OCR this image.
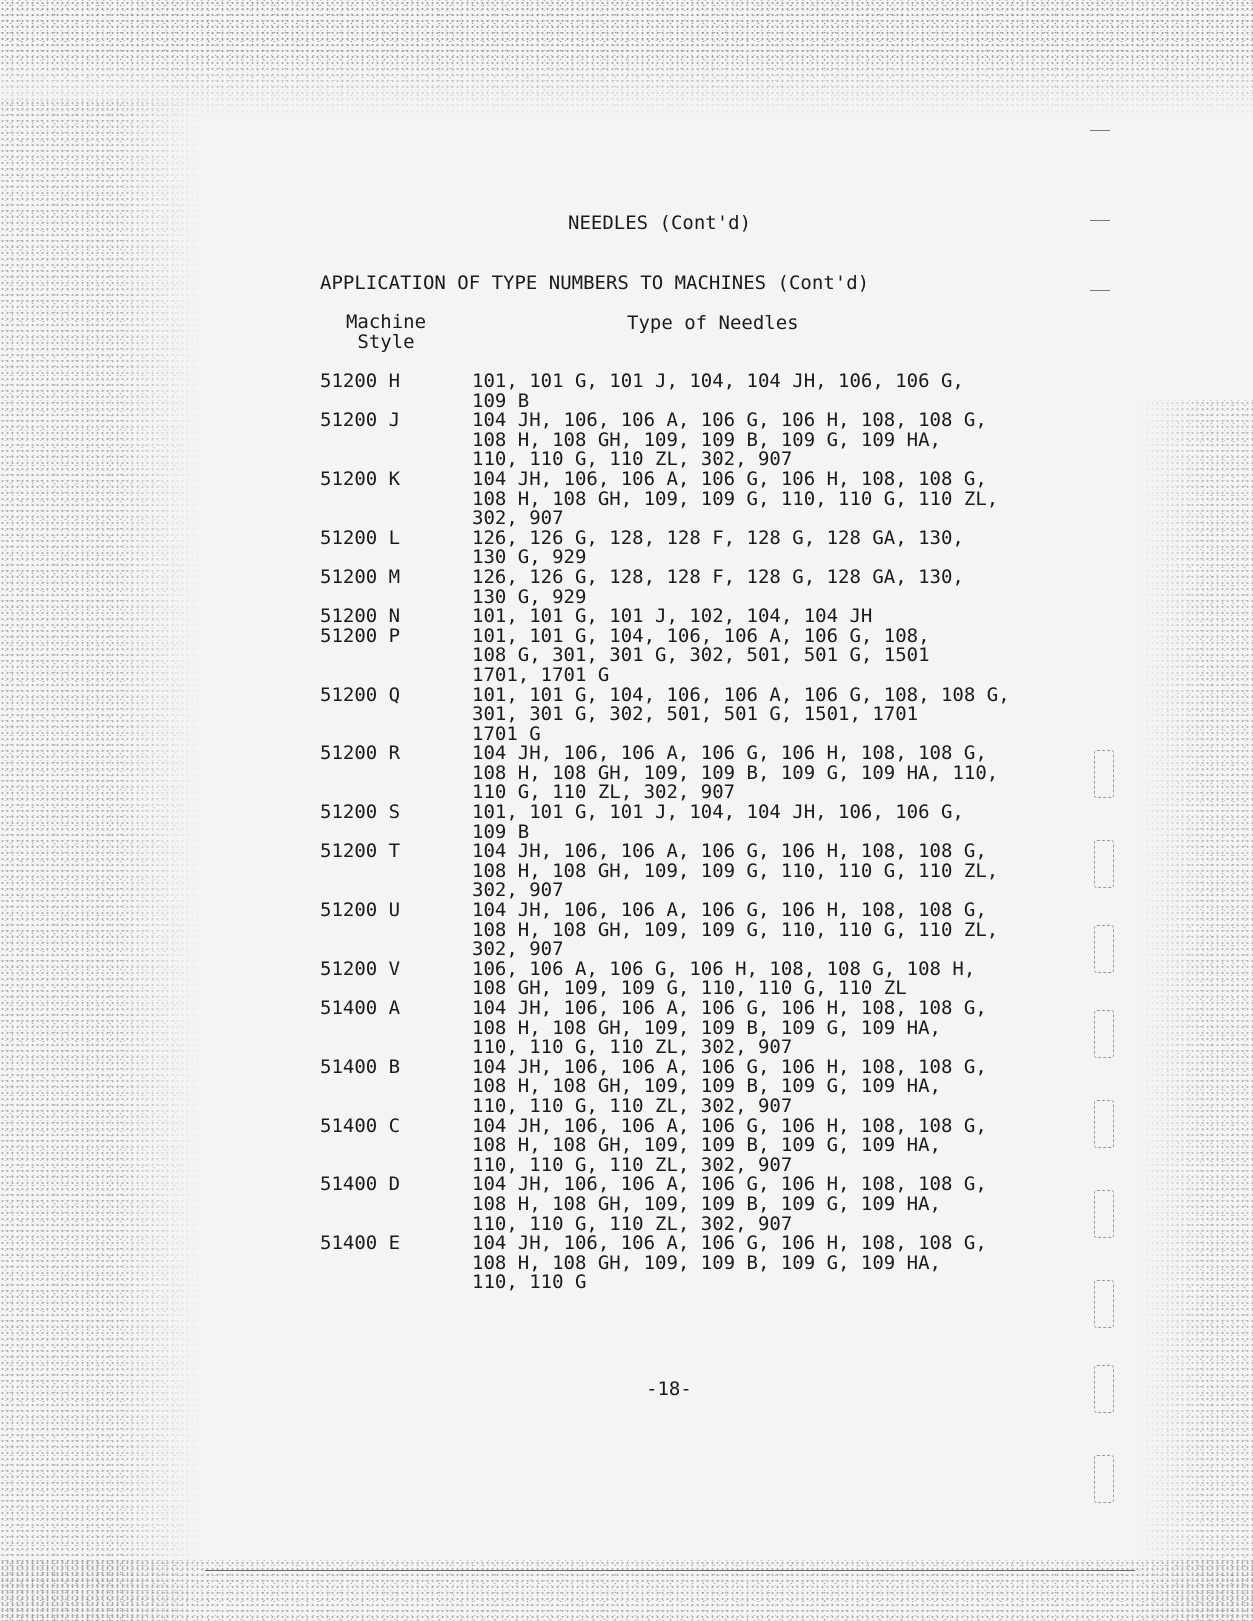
NEEDLES (Cont'd)
APPLICATION OF TYPE NUMBERS TO MACHINES (Cont'd)
Machine
Style
Type of Needles
51200 H	101, 101 G, 101 J, 104, 104 JH, 106, 106 G,
109 B
51200 J	104 JH, 106, 106 A, 106 G, 106 H, 108, 108 G,
108 H, 108 GH, 109, 109 B, 109 G, 109 HA,
110, 110 G, 110 ZL, 302, 907
51200 K	104 JH, 106, 106 A, 106 G, 106 H, 108, 108 G,
108 H, 108 GH, 109, 109 G, 110, 110 G, 110 ZL,
302, 907
51200 L	126, 126 G, 128, 128 F, 128 G, 128 GA, 130,
130 G, 929
51200 M	126, 126 G, 128, 128 F, 128 G, 128 GA, 130,
130 G, 929
51200 N	101, 101 G, 101 J, 102, 104, 104 JH
51200 P	101, 101 G, 104, 106, 106 A, 106 G, 108,
108 G, 301, 301 G, 302, 501, 501 G, 1501
1701, 1701 G
51200 Q	101, 101 G, 104, 106, 106 A, 106 G, 108, 108 G,
301, 301 G, 302, 501, 501 G, 1501, 1701
1701 G
51200 R	104 JH, 106, 106 A, 106 G, 106 H, 108, 108 G,
108 H, 108 GH, 109, 109 B, 109 G, 109 HA, 110,
110 G, 110 ZL, 302, 907
51200 S	101, 101 G, 101 J, 104, 104 JH, 106, 106 G,
109 B
51200 T	104 JH, 106, 106 A, 106 G, 106 H, 108, 108 G,
108 H, 108 GH, 109, 109 G, 110, 110 G, 110 ZL,
302, 907
51200 U	104 JH, 106, 106 A, 106 G, 106 H, 108, 108 G,
108 H, 108 GH, 109, 109 G, 110, 110 G, 110 ZL,
302, 907
51200 V	106, 106 A, 106 G, 106 H, 108, 108 G, 108 H,
108 GH, 109, 109 G, 110, 110 G, 110 ZL
51400 A	104 JH, 106, 106 A, 106 G, 106 H, 108, 108 G,
108 H, 108 GH, 109, 109 B, 109 G, 109 HA,
110, 110 G, 110 ZL, 302, 907
51400 B	104 JH, 106, 106 A, 106 G, 106 H, 108, 108 G,
108 H, 108 GH, 109, 109 B, 109 G, 109 HA,
110, 110 G, 110 ZL, 302, 907
51400 C	104 JH, 106, 106 A, 106 G, 106 H, 108, 108 G,
108 H, 108 GH, 109, 109 B, 109 G, 109 HA,
110, 110 G, 110 ZL, 302, 907
51400 D	104 JH, 106, 106 A, 106 G, 106 H, 108, 108 G,
108 H, 108 GH, 109, 109 B, 109 G, 109 HA,
110, 110 G, 110 ZL, 302, 907
51400 E	104 JH, 106, 106 A, 106 G, 106 H, 108, 108 G,
108 H, 108 GH, 109, 109 B, 109 G, 109 HA,
110, 110 G
-18-
